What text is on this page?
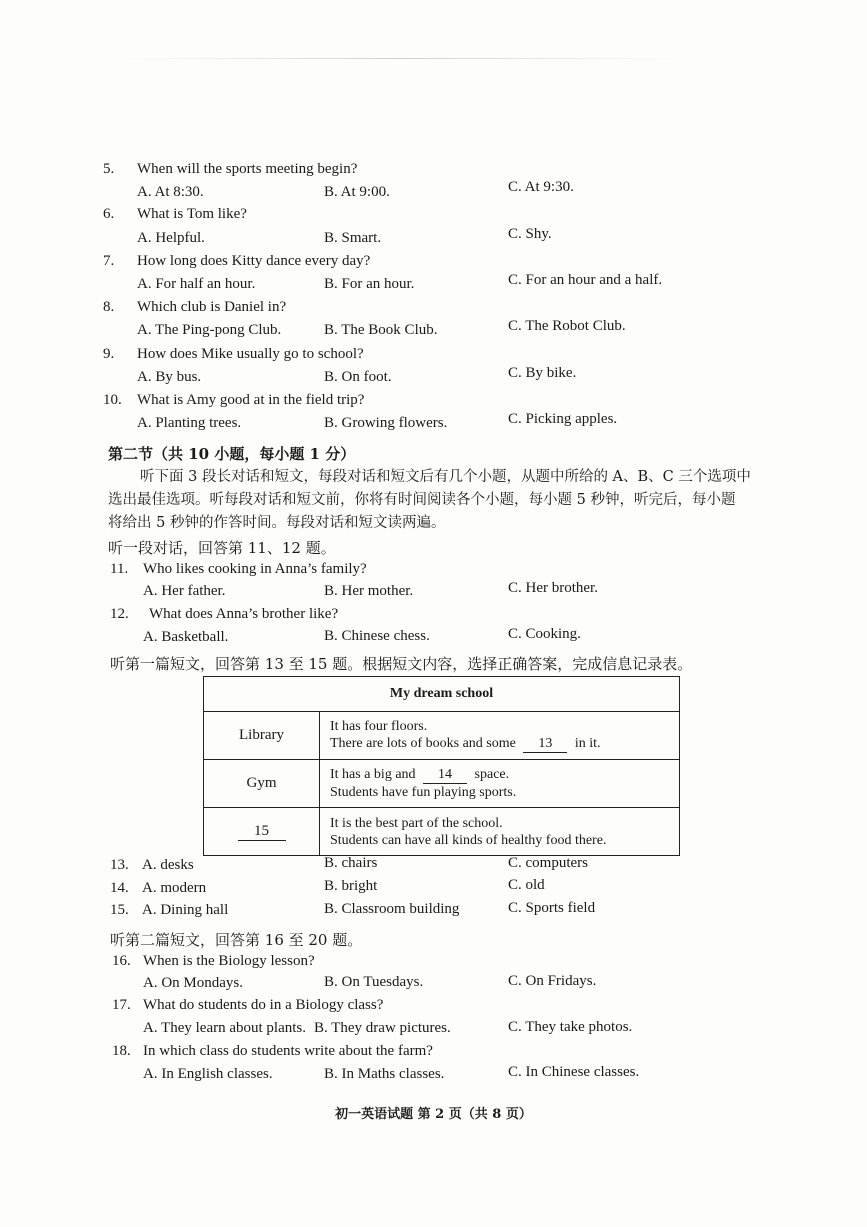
5. When will the sports meeting begin?
A. At 8:30.	B. At 9:00.	C. At 9:30.
6. What is Tom like?
A. Helpful.	B. Smart.	C. Shy.
7. How long does Kitty dance every day?
A. For half an hour.	B. For an hour.	C. For an hour and a half.
8. Which club is Daniel in?
A. The Ping-pong Club.	B. The Book Club.	C. The Robot Club.
9. How does Mike usually go to school?
A. By bus.	B. On foot.	C. By bike.
10. What is Amy good at in the field trip?
A. Planting trees.	B. Growing flowers.	C. Picking apples.
第二节（共 10 小题，每小题 1 分）
听下面 3 段长对话和短文，每段对话和短文后有几个小题，从题中所给的 A、B、C 三个选项中
选出最佳选项。听每段对话和短文前，你将有时间阅读各个小题，每小题 5 秒钟，听完后，每小题
将给出 5 秒钟的作答时间。每段对话和短文读两遍。
听一段对话，回答第 11、12 题。
11. Who likes cooking in Anna’s family?
A. Her father.	B. Her mother.	C. Her brother.
12. What does Anna’s brother like?
A. Basketball.	B. Chinese chess.	C. Cooking.
听第一篇短文，回答第 13 至 15 题。根据短文内容，选择正确答案，完成信息记录表。
My dream school	
Library	It has four floors.
There are lots of books and some 13 in it.

Gym	It has a big and 14 space.
Students have fun playing sports.

15	It is the best part of the school.
Students can have all kinds of healthy food there.
13. A. desks	B. chairs	C. computers
14. A. modern	B. bright	C. old
15. A. Dining hall	B. Classroom building	C. Sports field
听第二篇短文，回答第 16 至 20 题。
16. When is the Biology lesson?
A. On Mondays.	B. On Tuesdays.	C. On Fridays.
17. What do students do in a Biology class?
A. They learn about plants. B. They draw pictures.	C. They take photos.
18. In which class do students write about the farm?
A. In English classes.	B. In Maths classes.	C. In Chinese classes.
初一英语试题 第 2 页（共 8 页）
